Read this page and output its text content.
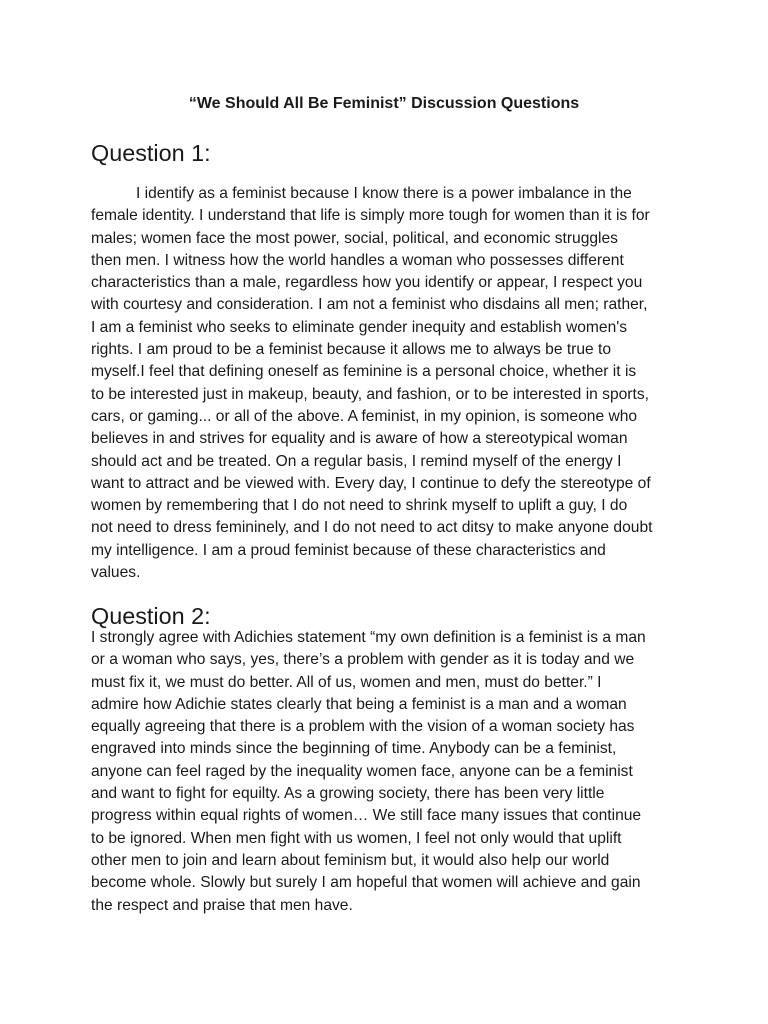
“We Should All Be Feminist” Discussion Questions
Question 1:
I identify as a feminist because I know there is a power imbalance in the
female identity. I understand that life is simply more tough for women than it is for
males; women face the most power, social, political, and economic struggles
then men. I witness how the world handles a woman who possesses different
characteristics than a male, regardless how you identify or appear, I respect you
with courtesy and consideration. I am not a feminist who disdains all men; rather,
I am a feminist who seeks to eliminate gender inequity and establish women's
rights. I am proud to be a feminist because it allows me to always be true to
myself.I feel that defining oneself as feminine is a personal choice, whether it is
to be interested just in makeup, beauty, and fashion, or to be interested in sports,
cars, or gaming... or all of the above. A feminist, in my opinion, is someone who
believes in and strives for equality and is aware of how a stereotypical woman
should act and be treated. On a regular basis, I remind myself of the energy I
want to attract and be viewed with. Every day, I continue to defy the stereotype of
women by remembering that I do not need to shrink myself to uplift a guy, I do
not need to dress femininely, and I do not need to act ditsy to make anyone doubt
my intelligence. I am a proud feminist because of these characteristics and
values.
Question 2:
I strongly agree with Adichies statement “my own definition is a feminist is a man
or a woman who says, yes, there’s a problem with gender as it is today and we
must fix it, we must do better. All of us, women and men, must do better.” I
admire how Adichie states clearly that being a feminist is a man and a woman
equally agreeing that there is a problem with the vision of a woman society has
engraved into minds since the beginning of time. Anybody can be a feminist,
anyone can feel raged by the inequality women face, anyone can be a feminist
and want to fight for equilty. As a growing society, there has been very little
progress within equal rights of women… We still face many issues that continue
to be ignored. When men fight with us women, I feel not only would that uplift
other men to join and learn about feminism but, it would also help our world
become whole. Slowly but surely I am hopeful that women will achieve and gain
the respect and praise that men have.
